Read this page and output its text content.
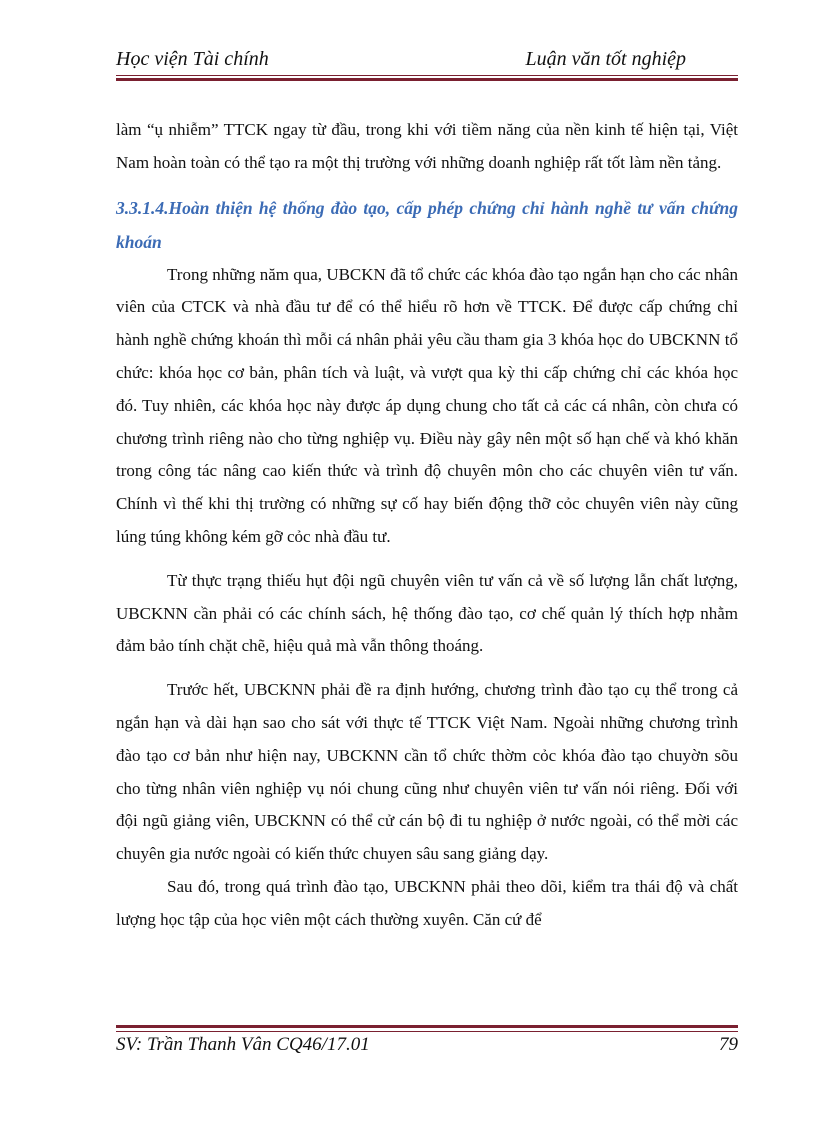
Học viện Tài chính	Luận văn tốt nghiệp

làm “ụ nhiễm” TTCK ngay từ đầu, trong khi với tiềm năng của nền kinh tế hiện tại, Việt Nam hoàn toàn có thể tạo ra một thị trường với những doanh nghiệp rất tốt làm nền tảng.

3.3.1.4.Hoàn thiện hệ thống đào tạo, cấp phép chứng chỉ hành nghề tư vấn chứng khoán

Trong những năm qua, UBCKN đã tổ chức các khóa đào tạo ngắn hạn cho các nhân viên của CTCK và nhà đầu tư để có thể hiểu rõ hơn về TTCK. Để được cấp chứng chỉ hành nghề chứng khoán thì mỗi cá nhân phải yêu cầu tham gia 3 khóa học do UBCKNN tổ chức: khóa học cơ bản, phân tích và luật, và vượt qua kỳ thi cấp chứng chỉ các khóa học đó. Tuy nhiên, các khóa học này được áp dụng chung cho tất cả các cá nhân, còn chưa có chương trình riêng nào cho từng nghiệp vụ. Điều này gây nên một số hạn chế và khó khăn trong công tác nâng cao kiến thức và trình độ chuyên môn cho các chuyên viên tư vấn. Chính vì thế khi thị trường có những sự cố hay biến động thỡ cỏc chuyên viên này cũng lúng túng không kém gỡ cỏc nhà đầu tư.

Từ thực trạng thiếu hụt đội ngũ chuyên viên tư vấn cả về số lượng lẫn chất lượng, UBCKNN cần phải có các chính sách, hệ thống đào tạo, cơ chế quản lý thích hợp nhằm đảm bảo tính chặt chẽ, hiệu quả mà vẫn thông thoáng.

Trước hết, UBCKNN phải đề ra định hướng, chương trình đào tạo cụ thể trong cả ngắn hạn và dài hạn sao cho sát với thực tế TTCK Việt Nam. Ngoài những chương trình đào tạo cơ bản như hiện nay, UBCKNN cần tổ chức thờm cỏc khóa đào tạo chuyờn sõu cho từng nhân viên nghiệp vụ nói chung cũng như chuyên viên tư vấn nói riêng. Đối với đội ngũ giảng viên, UBCKNN có thể cử cán bộ đi tu nghiệp ở nước ngoài, có thể mời các chuyên gia nước ngoài có kiến thức chuyen sâu sang giảng dạy.

Sau đó, trong quá trình đào tạo, UBCKNN phải theo dõi, kiểm tra thái độ và chất lượng học tập của học viên một cách thường xuyên. Căn cứ để

SV: Trần Thanh Vân CQ46/17.01	79
